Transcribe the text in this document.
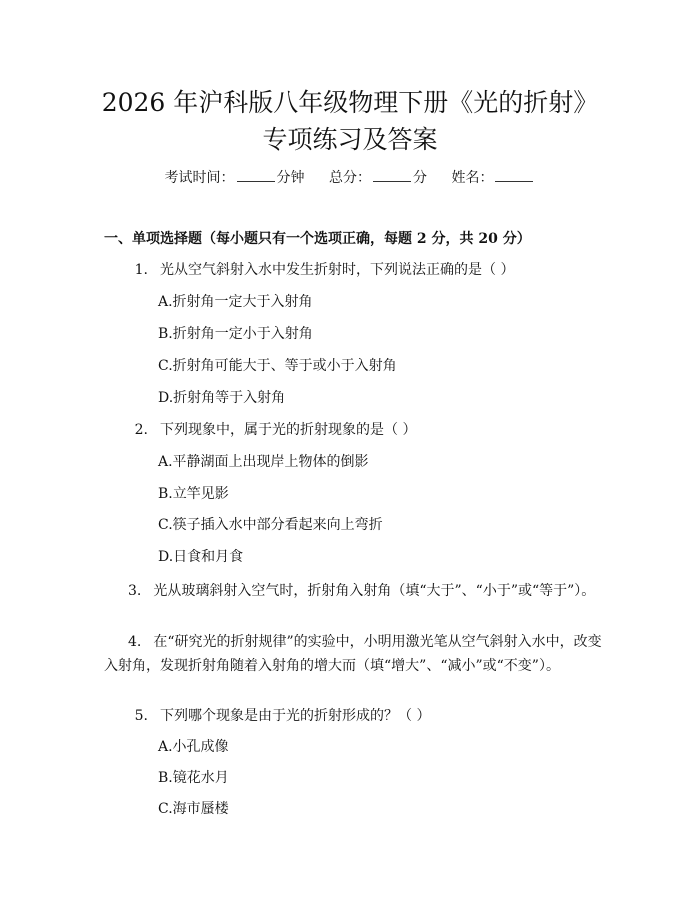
2026 年沪科版八年级物理下册《光的折射》
专项练习及答案
考试时间：	分钟 总分：	分 姓名：
一、单项选择题（每小题只有一个选项正确，每题 2 分，共 20 分）
1. 光从空气斜射入水中发生折射时，下列说法正确的是（ ）
A.折射角一定大于入射角
B.折射角一定小于入射角
C.折射角可能大于、等于或小于入射角
D.折射角等于入射角
2. 下列现象中，属于光的折射现象的是（ ）
A.平静湖面上出现岸上物体的倒影
B.立竿见影
C.筷子插入水中部分看起来向上弯折
D.日食和月食
3. 光从玻璃斜射入空气时，折射角入射角（填“大于”、“小于”或“等于”）。
4. 在“研究光的折射规律”的实验中，小明用激光笔从空气斜射入水中，改变入射角，发现折射角随着入射角的增大而（填“增大”、“减小”或“不变”）。
5. 下列哪个现象是由于光的折射形成的？（ ）
A.小孔成像
B.镜花水月
C.海市蜃楼
